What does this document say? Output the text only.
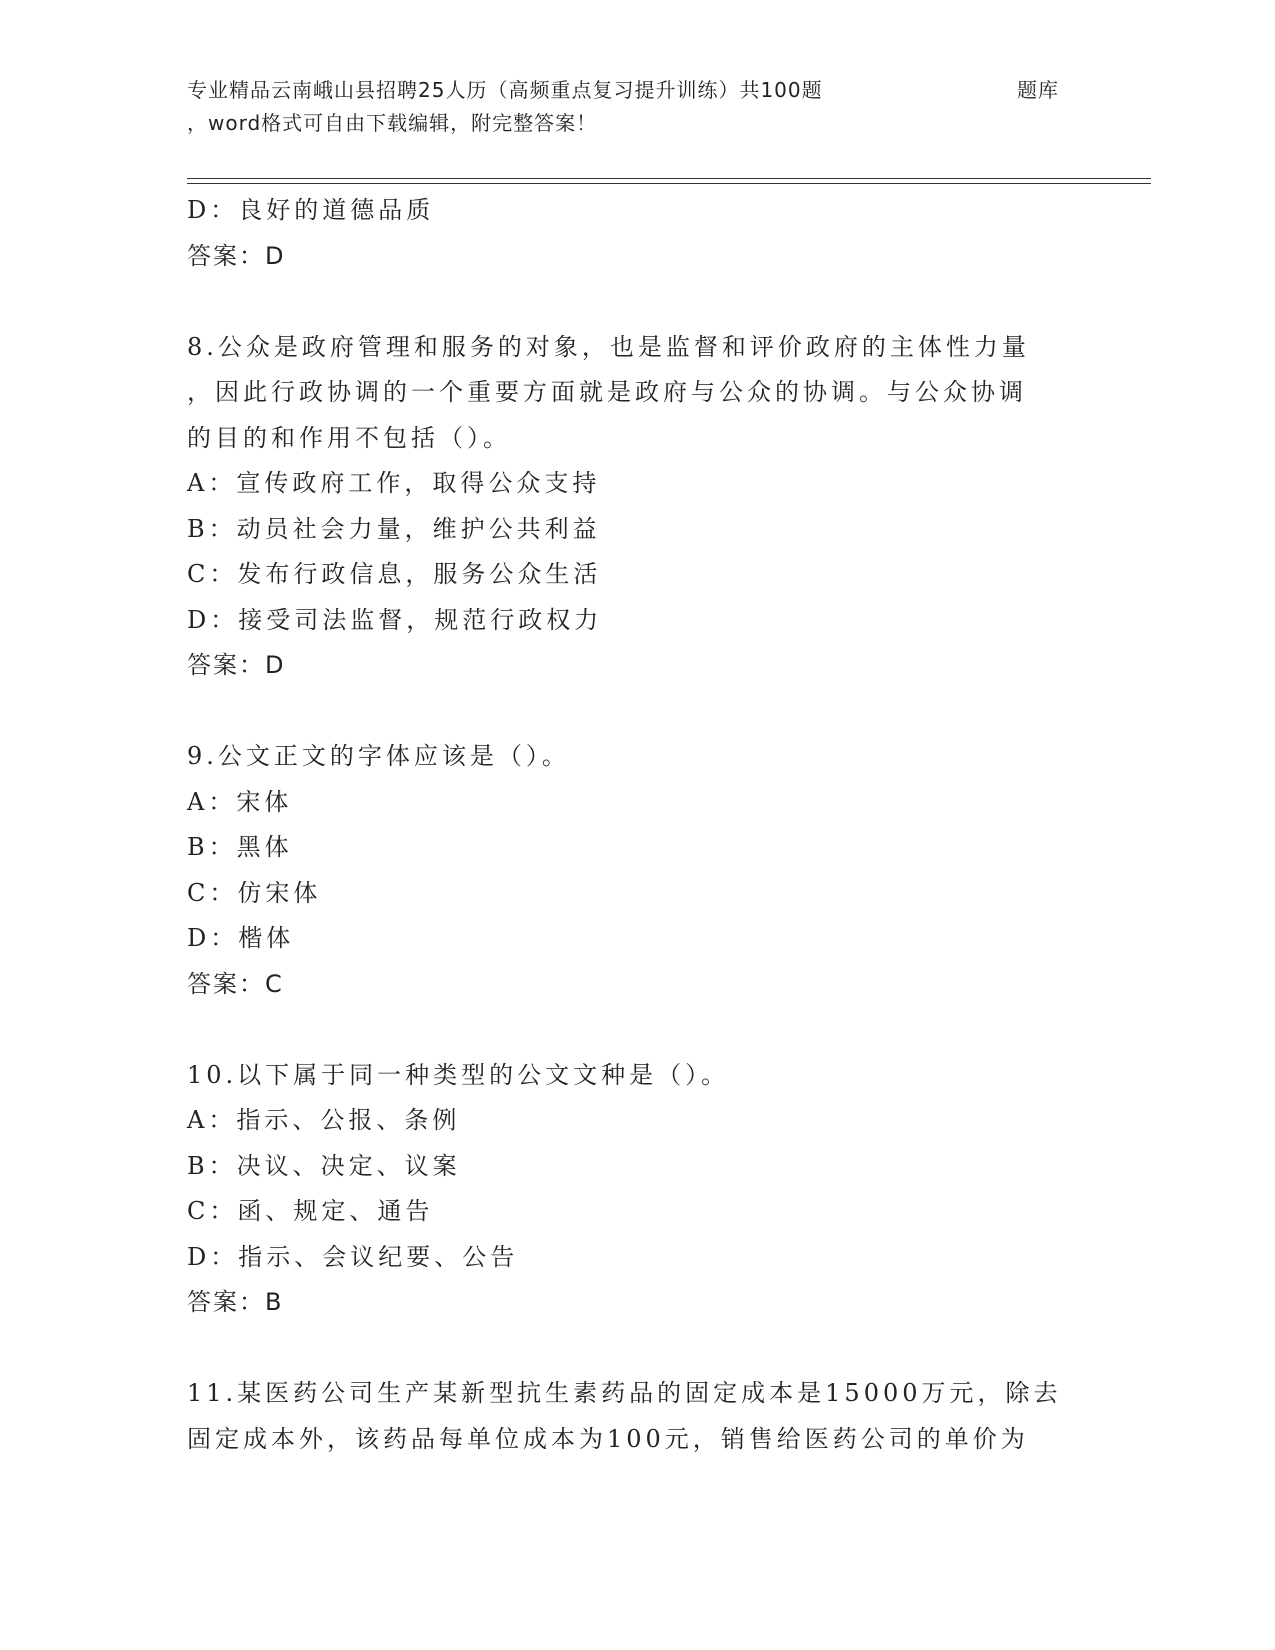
专业精品云南峨山县招聘25人历（高频重点复习提升训练）共100题	题库
，word格式可自由下载编辑，附完整答案！
D：良好的道德品质
答案：D
8.公众是政府管理和服务的对象，也是监督和评价政府的主体性力量
，因此行政协调的一个重要方面就是政府与公众的协调。与公众协调
的目的和作用不包括（）。
A：宣传政府工作，取得公众支持
B：动员社会力量，维护公共利益
C：发布行政信息，服务公众生活
D：接受司法监督，规范行政权力
答案：D
9.公文正文的字体应该是（）。
A：宋体
B：黑体
C：仿宋体
D：楷体
答案：C
10.以下属于同一种类型的公文文种是（）。
A：指示、公报、条例
B：决议、决定、议案
C：函、规定、通告
D：指示、会议纪要、公告
答案：B
11.某医药公司生产某新型抗生素药品的固定成本是15000万元，除去
固定成本外，该药品每单位成本为100元，销售给医药公司的单价为
